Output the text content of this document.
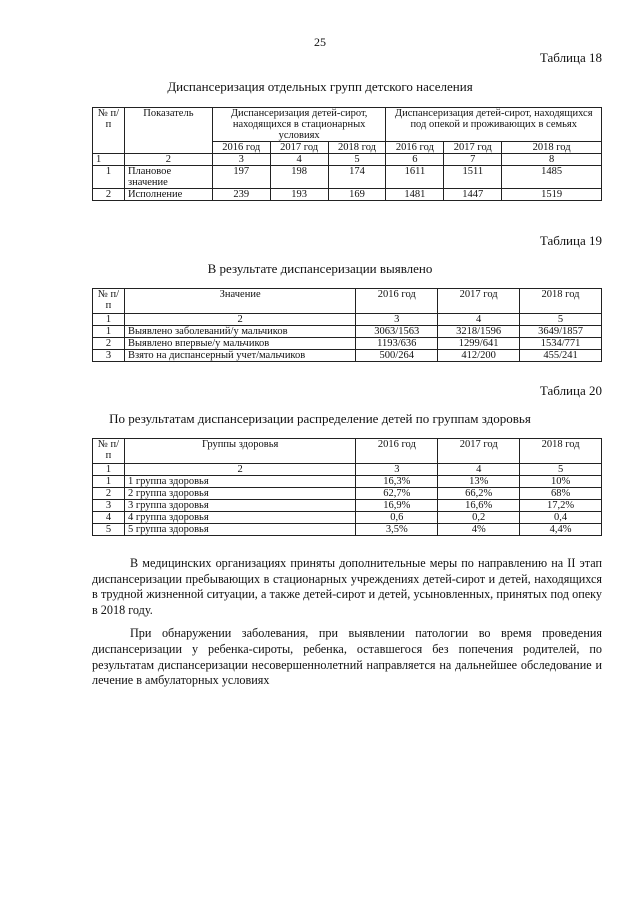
25
Таблица 18
Диспансеризация отдельных групп детского населения
№ п/п	Показатель	Диспансеризация детей-сирот, находящихся в стационарных условиях			Диспансеризация детей-сирот, находящихся под опекой и проживающих в семьях		
		2016 год	2017 год	2018 год	2016 год	2017 год	2018 год
1	2	3	4	5	6	7	8
1	Плановое значение	197	198	174	1611	1511	1485
2	Исполнение	239	193	169	1481	1447	1519
Таблица 19
В результате диспансеризации выявлено
№ п/п	Значение	2016 год	2017 год	2018 год
1	2	3	4	5
1	Выявлено заболеваний/у мальчиков	3063/1563	3218/1596	3649/1857
2	Выявлено впервые/у мальчиков	1193/636	1299/641	1534/771
3	Взято на диспансерный учет/мальчиков	500/264	412/200	455/241
Таблица 20
По результатам диспансеризации распределение детей по группам здоровья
№ п/п	Группы здоровья	2016 год	2017 год	2018 год
1	2	3	4	5
1	1 группа здоровья	16,3%	13%	10%
2	2 группа здоровья	62,7%	66,2%	68%
3	3 группа здоровья	16,9%	16,6%	17,2%
4	4 группа здоровья	0,6	0,2	0,4
5	5 группа здоровья	3,5%	4%	4,4%

В медицинских организациях приняты дополнительные меры по направлению на II этап диспансеризации пребывающих в стационарных учреждениях детей-сирот и детей, находящихся в трудной жизненной ситуации, а также детей-сирот и детей, усыновленных, принятых под опеку в 2018 году.

При обнаружении заболевания, при выявлении патологии во время проведения диспансеризации у ребенка-сироты, ребенка, оставшегося без попечения родителей, по результатам диспансеризации несовершеннолетний направляется на дальнейшее обследование и лечение в амбулаторных условиях
